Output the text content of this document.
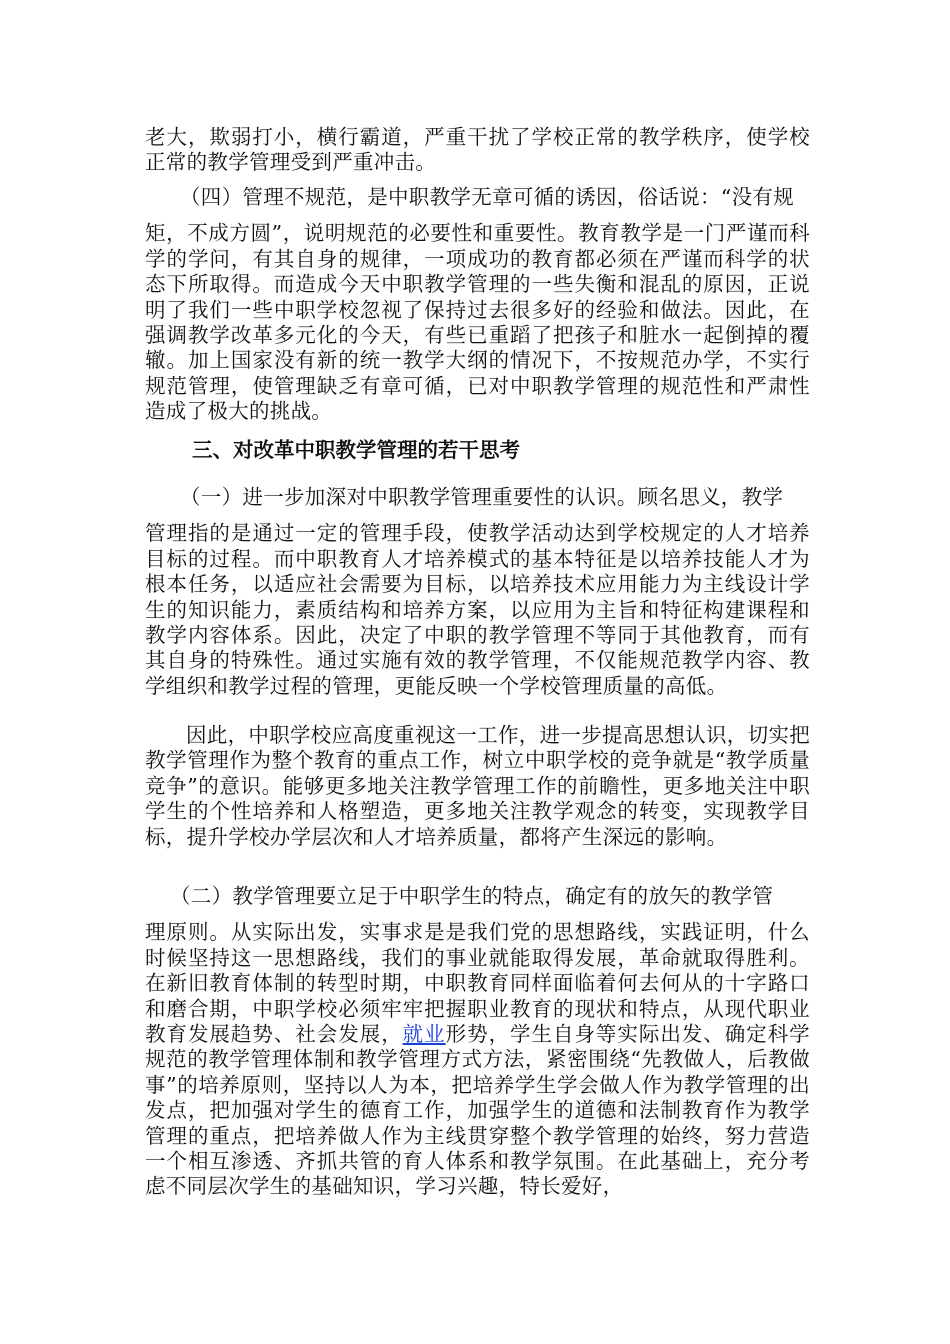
老大，欺弱打小，横行霸道，严重干扰了学校正常的教学秩序，使学校正常的教学管理受到严重冲击。

（四）管理不规范，是中职教学无章可循的诱因，俗话说：“没有规
矩，不成方圆”，说明规范的必要性和重要性。教育教学是一门严谨而科学的学问，有其自身的规律，一项成功的教育都必须在严谨而科学的状态下所取得。而造成今天中职教学管理的一些失衡和混乱的原因，正说明了我们一些中职学校忽视了保持过去很多好的经验和做法。因此，在强调教学改革多元化的今天，有些已重蹈了把孩子和脏水一起倒掉的覆辙。加上国家没有新的统一教学大纲的情况下，不按规范办学，不实行规范管理，使管理缺乏有章可循，已对中职教学管理的规范性和严肃性造成了极大的挑战。

三、对改革中职教学管理的若干思考

（一）进一步加深对中职教学管理重要性的认识。顾名思义，教学
管理指的是通过一定的管理手段，使教学活动达到学校规定的人才培养目标的过程。而中职教育人才培养模式的基本特征是以培养技能人才为根本任务，以适应社会需要为目标，以培养技术应用能力为主线设计学生的知识能力，素质结构和培养方案，以应用为主旨和特征构建课程和教学内容体系。因此，决定了中职的教学管理不等同于其他教育，而有其自身的特殊性。通过实施有效的教学管理，不仅能规范教学内容、教学组织和教学过程的管理，更能反映一个学校管理质量的高低。

因此，中职学校应高度重视这一工作，进一步提高思想认识，切实把教学管理作为整个教育的重点工作，树立中职学校的竞争就是“教学质量竞争”的意识。能够更多地关注教学管理工作的前瞻性，更多地关注中职学生的个性培养和人格塑造，更多地关注教学观念的转变，实现教学目标，提升学校办学层次和人才培养质量，都将产生深远的影响。

（二）教学管理要立足于中职学生的特点，确定有的放矢的教学管
理原则。从实际出发，实事求是是我们党的思想路线，实践证明，什么时候坚持这一思想路线，我们的事业就能取得发展，革命就取得胜利。在新旧教育体制的转型时期，中职教育同样面临着何去何从的十字路口和磨合期，中职学校必须牢牢把握职业教育的现状和特点，从现代职业教育发展趋势、社会发展，就业形势，学生自身等实际出发、确定科学规范的教学管理体制和教学管理方式方法，紧密围绕“先教做人，后教做事”的培养原则，坚持以人为本，把培养学生学会做人作为教学管理的出发点，把加强对学生的德育工作，加强学生的道德和法制教育作为教学管理的重点，把培养做人作为主线贯穿整个教学管理的始终，努力营造一个相互渗透、齐抓共管的育人体系和教学氛围。在此基础上，充分考虑不同层次学生的基础知识，学习兴趣，特长爱好，
